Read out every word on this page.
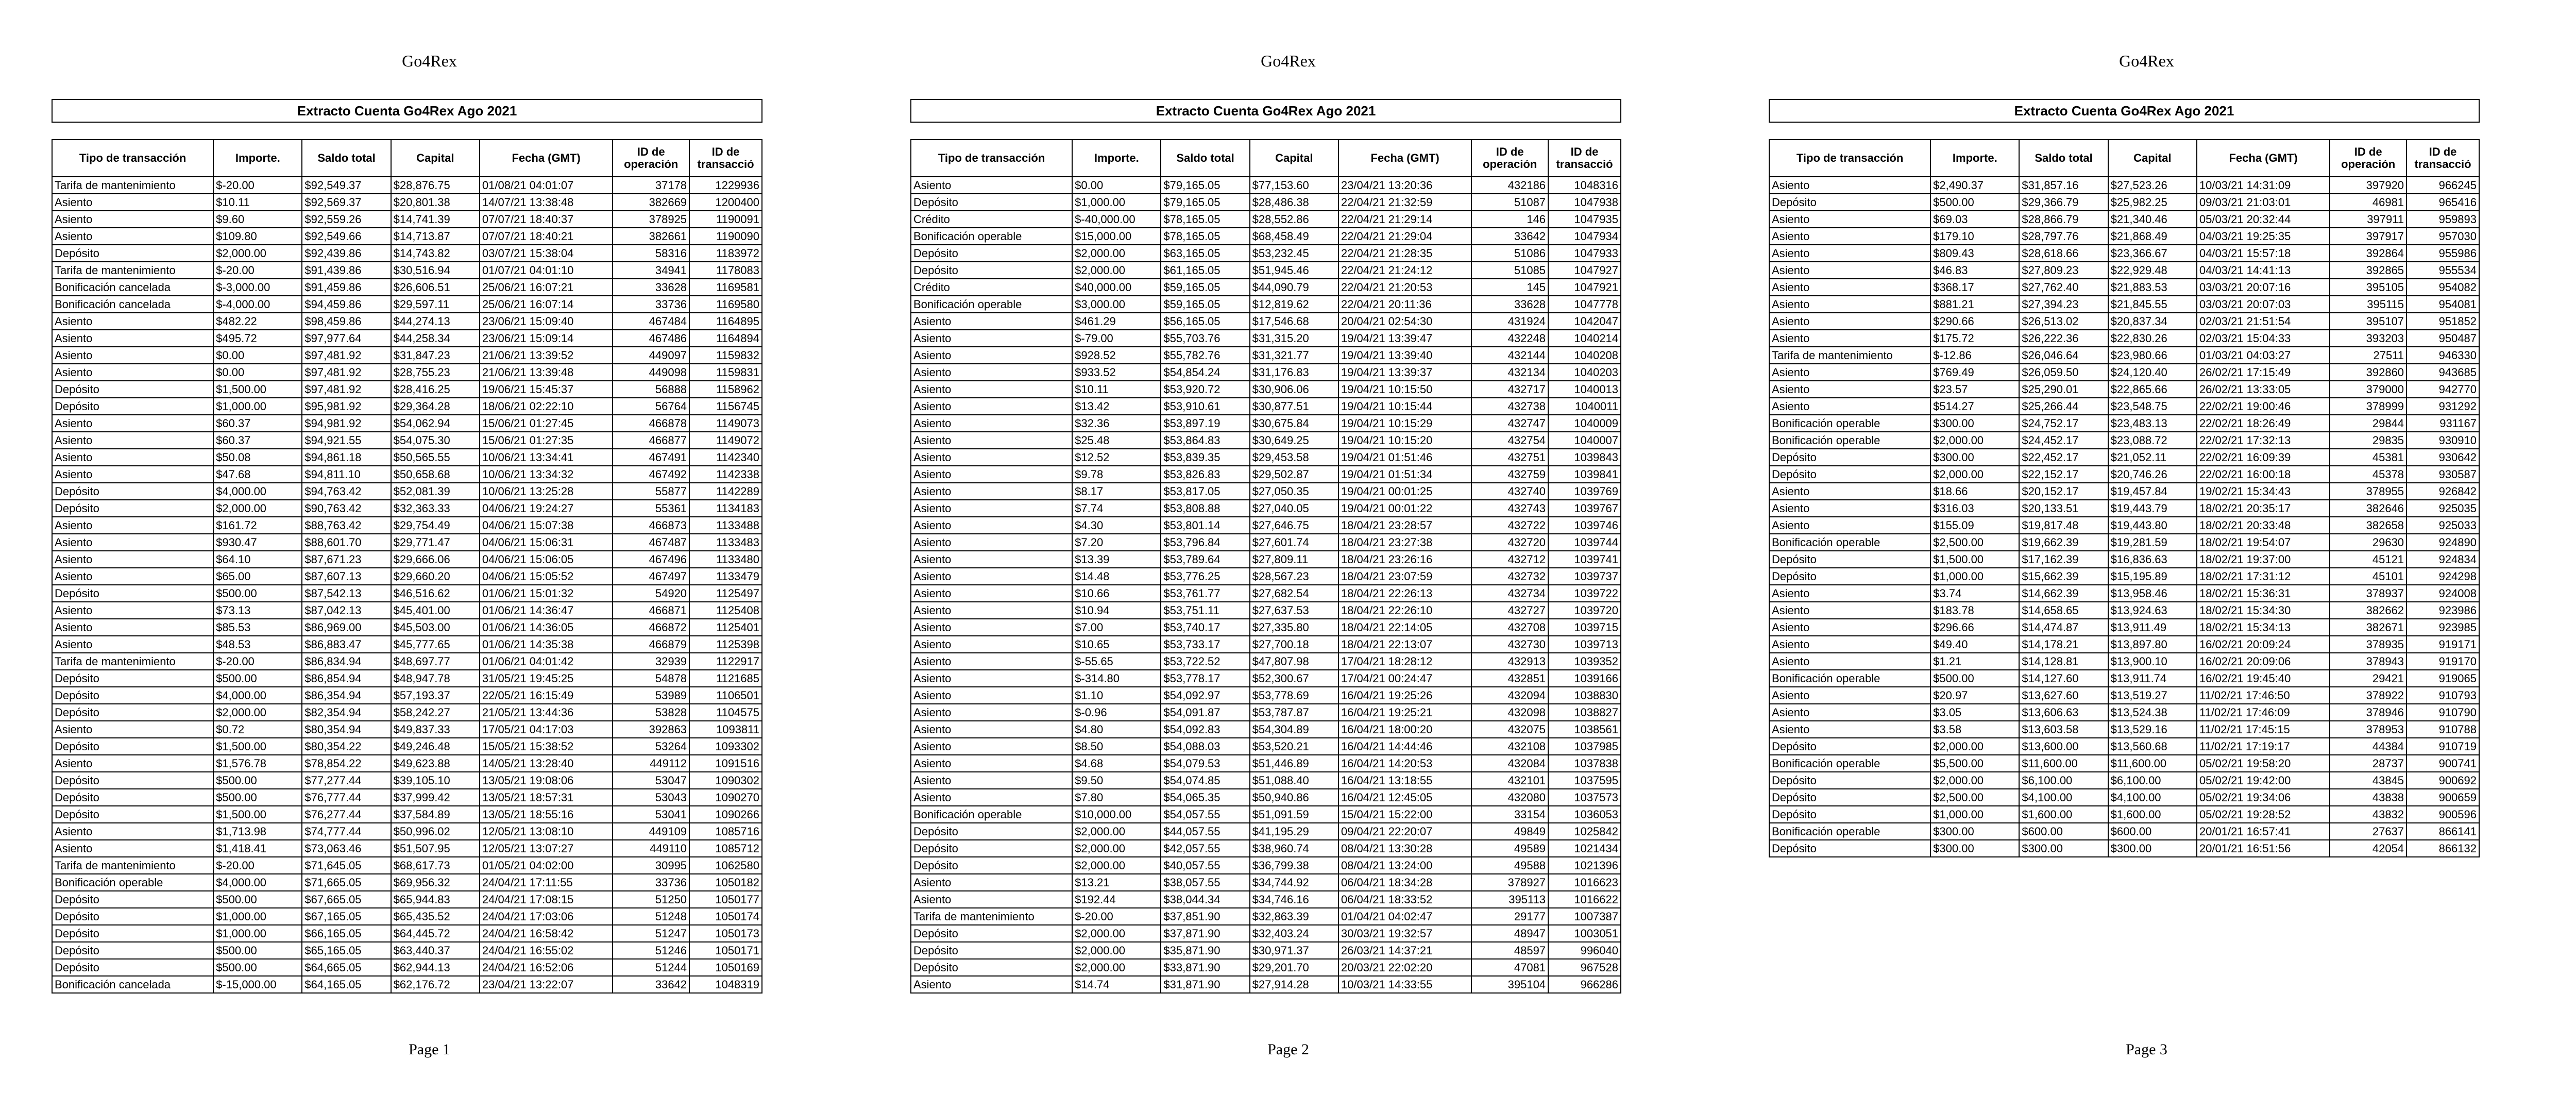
Go4Rex
Extracto Cuenta Go4Rex Ago 2021
Tipo de transacción	Importe.	Saldo total	Capital	Fecha (GMT)	ID de operación	ID de transacció
Tarifa de mantenimiento	$-20.00	$92,549.37	$28,876.75	01/08/21 04:01:07	37178	1229936
Asiento	$10.11	$92,569.37	$20,801.38	14/07/21 13:38:48	382669	1200400
Asiento	$9.60	$92,559.26	$14,741.39	07/07/21 18:40:37	378925	1190091
Asiento	$109.80	$92,549.66	$14,713.87	07/07/21 18:40:21	382661	1190090
Depósito	$2,000.00	$92,439.86	$14,743.82	03/07/21 15:38:04	58316	1183972
Tarifa de mantenimiento	$-20.00	$91,439.86	$30,516.94	01/07/21 04:01:10	34941	1178083
Bonificación cancelada	$-3,000.00	$91,459.86	$26,606.51	25/06/21 16:07:21	33628	1169581
Bonificación cancelada	$-4,000.00	$94,459.86	$29,597.11	25/06/21 16:07:14	33736	1169580
Asiento	$482.22	$98,459.86	$44,274.13	23/06/21 15:09:40	467484	1164895
Asiento	$495.72	$97,977.64	$44,258.34	23/06/21 15:09:14	467486	1164894
Asiento	$0.00	$97,481.92	$31,847.23	21/06/21 13:39:52	449097	1159832
Asiento	$0.00	$97,481.92	$28,755.23	21/06/21 13:39:48	449098	1159831
Depósito	$1,500.00	$97,481.92	$28,416.25	19/06/21 15:45:37	56888	1158962
Depósito	$1,000.00	$95,981.92	$29,364.28	18/06/21 02:22:10	56764	1156745
Asiento	$60.37	$94,981.92	$54,062.94	15/06/21 01:27:45	466878	1149073
Asiento	$60.37	$94,921.55	$54,075.30	15/06/21 01:27:35	466877	1149072
Asiento	$50.08	$94,861.18	$50,565.55	10/06/21 13:34:41	467491	1142340
Asiento	$47.68	$94,811.10	$50,658.68	10/06/21 13:34:32	467492	1142338
Depósito	$4,000.00	$94,763.42	$52,081.39	10/06/21 13:25:28	55877	1142289
Depósito	$2,000.00	$90,763.42	$32,363.33	04/06/21 19:24:27	55361	1134183
Asiento	$161.72	$88,763.42	$29,754.49	04/06/21 15:07:38	466873	1133488
Asiento	$930.47	$88,601.70	$29,771.47	04/06/21 15:06:31	467487	1133483
Asiento	$64.10	$87,671.23	$29,666.06	04/06/21 15:06:05	467496	1133480
Asiento	$65.00	$87,607.13	$29,660.20	04/06/21 15:05:52	467497	1133479
Depósito	$500.00	$87,542.13	$46,516.62	01/06/21 15:01:32	54920	1125497
Asiento	$73.13	$87,042.13	$45,401.00	01/06/21 14:36:47	466871	1125408
Asiento	$85.53	$86,969.00	$45,503.00	01/06/21 14:36:05	466872	1125401
Asiento	$48.53	$86,883.47	$45,777.65	01/06/21 14:35:38	466879	1125398
Tarifa de mantenimiento	$-20.00	$86,834.94	$48,697.77	01/06/21 04:01:42	32939	1122917
Depósito	$500.00	$86,854.94	$48,947.78	31/05/21 19:45:25	54878	1121685
Depósito	$4,000.00	$86,354.94	$57,193.37	22/05/21 16:15:49	53989	1106501
Depósito	$2,000.00	$82,354.94	$58,242.27	21/05/21 13:44:36	53828	1104575
Asiento	$0.72	$80,354.94	$49,837.33	17/05/21 04:17:03	392863	1093811
Depósito	$1,500.00	$80,354.22	$49,246.48	15/05/21 15:38:52	53264	1093302
Asiento	$1,576.78	$78,854.22	$49,623.88	14/05/21 13:28:40	449112	1091516
Depósito	$500.00	$77,277.44	$39,105.10	13/05/21 19:08:06	53047	1090302
Depósito	$500.00	$76,777.44	$37,999.42	13/05/21 18:57:31	53043	1090270
Depósito	$1,500.00	$76,277.44	$37,584.89	13/05/21 18:55:16	53041	1090266
Asiento	$1,713.98	$74,777.44	$50,996.02	12/05/21 13:08:10	449109	1085716
Asiento	$1,418.41	$73,063.46	$51,507.95	12/05/21 13:07:27	449110	1085712
Tarifa de mantenimiento	$-20.00	$71,645.05	$68,617.73	01/05/21 04:02:00	30995	1062580
Bonificación operable	$4,000.00	$71,665.05	$69,956.32	24/04/21 17:11:55	33736	1050182
Depósito	$500.00	$67,665.05	$65,944.83	24/04/21 17:08:15	51250	1050177
Depósito	$1,000.00	$67,165.05	$65,435.52	24/04/21 17:03:06	51248	1050174
Depósito	$1,000.00	$66,165.05	$64,445.72	24/04/21 16:58:42	51247	1050173
Depósito	$500.00	$65,165.05	$63,440.37	24/04/21 16:55:02	51246	1050171
Depósito	$500.00	$64,665.05	$62,944.13	24/04/21 16:52:06	51244	1050169
Bonificación cancelada	$-15,000.00	$64,165.05	$62,176.72	23/04/21 13:22:07	33642	1048319
Page 1
Go4Rex
Extracto Cuenta Go4Rex Ago 2021
Tipo de transacción	Importe.	Saldo total	Capital	Fecha (GMT)	ID de operación	ID de transacció
Asiento	$0.00	$79,165.05	$77,153.60	23/04/21 13:20:36	432186	1048316
Depósito	$1,000.00	$79,165.05	$28,486.38	22/04/21 21:32:59	51087	1047938
Crédito	$-40,000.00	$78,165.05	$28,552.86	22/04/21 21:29:14	146	1047935
Bonificación operable	$15,000.00	$78,165.05	$68,458.49	22/04/21 21:29:04	33642	1047934
Depósito	$2,000.00	$63,165.05	$53,232.45	22/04/21 21:28:35	51086	1047933
Depósito	$2,000.00	$61,165.05	$51,945.46	22/04/21 21:24:12	51085	1047927
Crédito	$40,000.00	$59,165.05	$44,090.79	22/04/21 21:20:53	145	1047921
Bonificación operable	$3,000.00	$59,165.05	$12,819.62	22/04/21 20:11:36	33628	1047778
Asiento	$461.29	$56,165.05	$17,546.68	20/04/21 02:54:30	431924	1042047
Asiento	$-79.00	$55,703.76	$31,315.20	19/04/21 13:39:47	432248	1040214
Asiento	$928.52	$55,782.76	$31,321.77	19/04/21 13:39:40	432144	1040208
Asiento	$933.52	$54,854.24	$31,176.83	19/04/21 13:39:37	432134	1040203
Asiento	$10.11	$53,920.72	$30,906.06	19/04/21 10:15:50	432717	1040013
Asiento	$13.42	$53,910.61	$30,877.51	19/04/21 10:15:44	432738	1040011
Asiento	$32.36	$53,897.19	$30,675.84	19/04/21 10:15:29	432747	1040009
Asiento	$25.48	$53,864.83	$30,649.25	19/04/21 10:15:20	432754	1040007
Asiento	$12.52	$53,839.35	$29,453.58	19/04/21 01:51:46	432751	1039843
Asiento	$9.78	$53,826.83	$29,502.87	19/04/21 01:51:34	432759	1039841
Asiento	$8.17	$53,817.05	$27,050.35	19/04/21 00:01:25	432740	1039769
Asiento	$7.74	$53,808.88	$27,040.05	19/04/21 00:01:22	432743	1039767
Asiento	$4.30	$53,801.14	$27,646.75	18/04/21 23:28:57	432722	1039746
Asiento	$7.20	$53,796.84	$27,601.74	18/04/21 23:27:38	432720	1039744
Asiento	$13.39	$53,789.64	$27,809.11	18/04/21 23:26:16	432712	1039741
Asiento	$14.48	$53,776.25	$28,567.23	18/04/21 23:07:59	432732	1039737
Asiento	$10.66	$53,761.77	$27,682.54	18/04/21 22:26:13	432734	1039722
Asiento	$10.94	$53,751.11	$27,637.53	18/04/21 22:26:10	432727	1039720
Asiento	$7.00	$53,740.17	$27,335.80	18/04/21 22:14:05	432708	1039715
Asiento	$10.65	$53,733.17	$27,700.18	18/04/21 22:13:07	432730	1039713
Asiento	$-55.65	$53,722.52	$47,807.98	17/04/21 18:28:12	432913	1039352
Asiento	$-314.80	$53,778.17	$52,300.67	17/04/21 00:24:47	432851	1039166
Asiento	$1.10	$54,092.97	$53,778.69	16/04/21 19:25:26	432094	1038830
Asiento	$-0.96	$54,091.87	$53,787.87	16/04/21 19:25:21	432098	1038827
Asiento	$4.80	$54,092.83	$54,304.89	16/04/21 18:00:20	432075	1038561
Asiento	$8.50	$54,088.03	$53,520.21	16/04/21 14:44:46	432108	1037985
Asiento	$4.68	$54,079.53	$51,446.89	16/04/21 14:20:53	432084	1037838
Asiento	$9.50	$54,074.85	$51,088.40	16/04/21 13:18:55	432101	1037595
Asiento	$7.80	$54,065.35	$50,940.86	16/04/21 12:45:05	432080	1037573
Bonificación operable	$10,000.00	$54,057.55	$51,091.59	15/04/21 15:22:00	33154	1036053
Depósito	$2,000.00	$44,057.55	$41,195.29	09/04/21 22:20:07	49849	1025842
Depósito	$2,000.00	$42,057.55	$38,960.74	08/04/21 13:30:28	49589	1021434
Depósito	$2,000.00	$40,057.55	$36,799.38	08/04/21 13:24:00	49588	1021396
Asiento	$13.21	$38,057.55	$34,744.92	06/04/21 18:34:28	378927	1016623
Asiento	$192.44	$38,044.34	$34,746.16	06/04/21 18:33:52	395113	1016622
Tarifa de mantenimiento	$-20.00	$37,851.90	$32,863.39	01/04/21 04:02:47	29177	1007387
Depósito	$2,000.00	$37,871.90	$32,403.24	30/03/21 19:32:57	48947	1003051
Depósito	$2,000.00	$35,871.90	$30,971.37	26/03/21 14:37:21	48597	996040
Depósito	$2,000.00	$33,871.90	$29,201.70	20/03/21 22:02:20	47081	967528
Asiento	$14.74	$31,871.90	$27,914.28	10/03/21 14:33:55	395104	966286
Page 2
Go4Rex
Extracto Cuenta Go4Rex Ago 2021
Tipo de transacción	Importe.	Saldo total	Capital	Fecha (GMT)	ID de operación	ID de transacció
Asiento	$2,490.37	$31,857.16	$27,523.26	10/03/21 14:31:09	397920	966245
Depósito	$500.00	$29,366.79	$25,982.25	09/03/21 21:03:01	46981	965416
Asiento	$69.03	$28,866.79	$21,340.46	05/03/21 20:32:44	397911	959893
Asiento	$179.10	$28,797.76	$21,868.49	04/03/21 19:25:35	397917	957030
Asiento	$809.43	$28,618.66	$23,366.67	04/03/21 15:57:18	392864	955986
Asiento	$46.83	$27,809.23	$22,929.48	04/03/21 14:41:13	392865	955534
Asiento	$368.17	$27,762.40	$21,883.53	03/03/21 20:07:16	395105	954082
Asiento	$881.21	$27,394.23	$21,845.55	03/03/21 20:07:03	395115	954081
Asiento	$290.66	$26,513.02	$20,837.34	02/03/21 21:51:54	395107	951852
Asiento	$175.72	$26,222.36	$22,830.26	02/03/21 15:04:33	393203	950487
Tarifa de mantenimiento	$-12.86	$26,046.64	$23,980.66	01/03/21 04:03:27	27511	946330
Asiento	$769.49	$26,059.50	$24,120.40	26/02/21 17:15:49	392860	943685
Asiento	$23.57	$25,290.01	$22,865.66	26/02/21 13:33:05	379000	942770
Asiento	$514.27	$25,266.44	$23,548.75	22/02/21 19:00:46	378999	931292
Bonificación operable	$300.00	$24,752.17	$23,483.13	22/02/21 18:26:49	29844	931167
Bonificación operable	$2,000.00	$24,452.17	$23,088.72	22/02/21 17:32:13	29835	930910
Depósito	$300.00	$22,452.17	$21,052.11	22/02/21 16:09:39	45381	930642
Depósito	$2,000.00	$22,152.17	$20,746.26	22/02/21 16:00:18	45378	930587
Asiento	$18.66	$20,152.17	$19,457.84	19/02/21 15:34:43	378955	926842
Asiento	$316.03	$20,133.51	$19,443.79	18/02/21 20:35:17	382646	925035
Asiento	$155.09	$19,817.48	$19,443.80	18/02/21 20:33:48	382658	925033
Bonificación operable	$2,500.00	$19,662.39	$19,281.59	18/02/21 19:54:07	29630	924890
Depósito	$1,500.00	$17,162.39	$16,836.63	18/02/21 19:37:00	45121	924834
Depósito	$1,000.00	$15,662.39	$15,195.89	18/02/21 17:31:12	45101	924298
Asiento	$3.74	$14,662.39	$13,958.46	18/02/21 15:36:31	378937	924008
Asiento	$183.78	$14,658.65	$13,924.63	18/02/21 15:34:30	382662	923986
Asiento	$296.66	$14,474.87	$13,911.49	18/02/21 15:34:13	382671	923985
Asiento	$49.40	$14,178.21	$13,897.80	16/02/21 20:09:24	378935	919171
Asiento	$1.21	$14,128.81	$13,900.10	16/02/21 20:09:06	378943	919170
Bonificación operable	$500.00	$14,127.60	$13,911.74	16/02/21 19:45:40	29421	919065
Asiento	$20.97	$13,627.60	$13,519.27	11/02/21 17:46:50	378922	910793
Asiento	$3.05	$13,606.63	$13,524.38	11/02/21 17:46:09	378946	910790
Asiento	$3.58	$13,603.58	$13,529.16	11/02/21 17:45:15	378953	910788
Depósito	$2,000.00	$13,600.00	$13,560.68	11/02/21 17:19:17	44384	910719
Bonificación operable	$5,500.00	$11,600.00	$11,600.00	05/02/21 19:58:20	28737	900741
Depósito	$2,000.00	$6,100.00	$6,100.00	05/02/21 19:42:00	43845	900692
Depósito	$2,500.00	$4,100.00	$4,100.00	05/02/21 19:34:06	43838	900659
Depósito	$1,000.00	$1,600.00	$1,600.00	05/02/21 19:28:52	43832	900596
Bonificación operable	$300.00	$600.00	$600.00	20/01/21 16:57:41	27637	866141
Depósito	$300.00	$300.00	$300.00	20/01/21 16:51:56	42054	866132
Page 3
